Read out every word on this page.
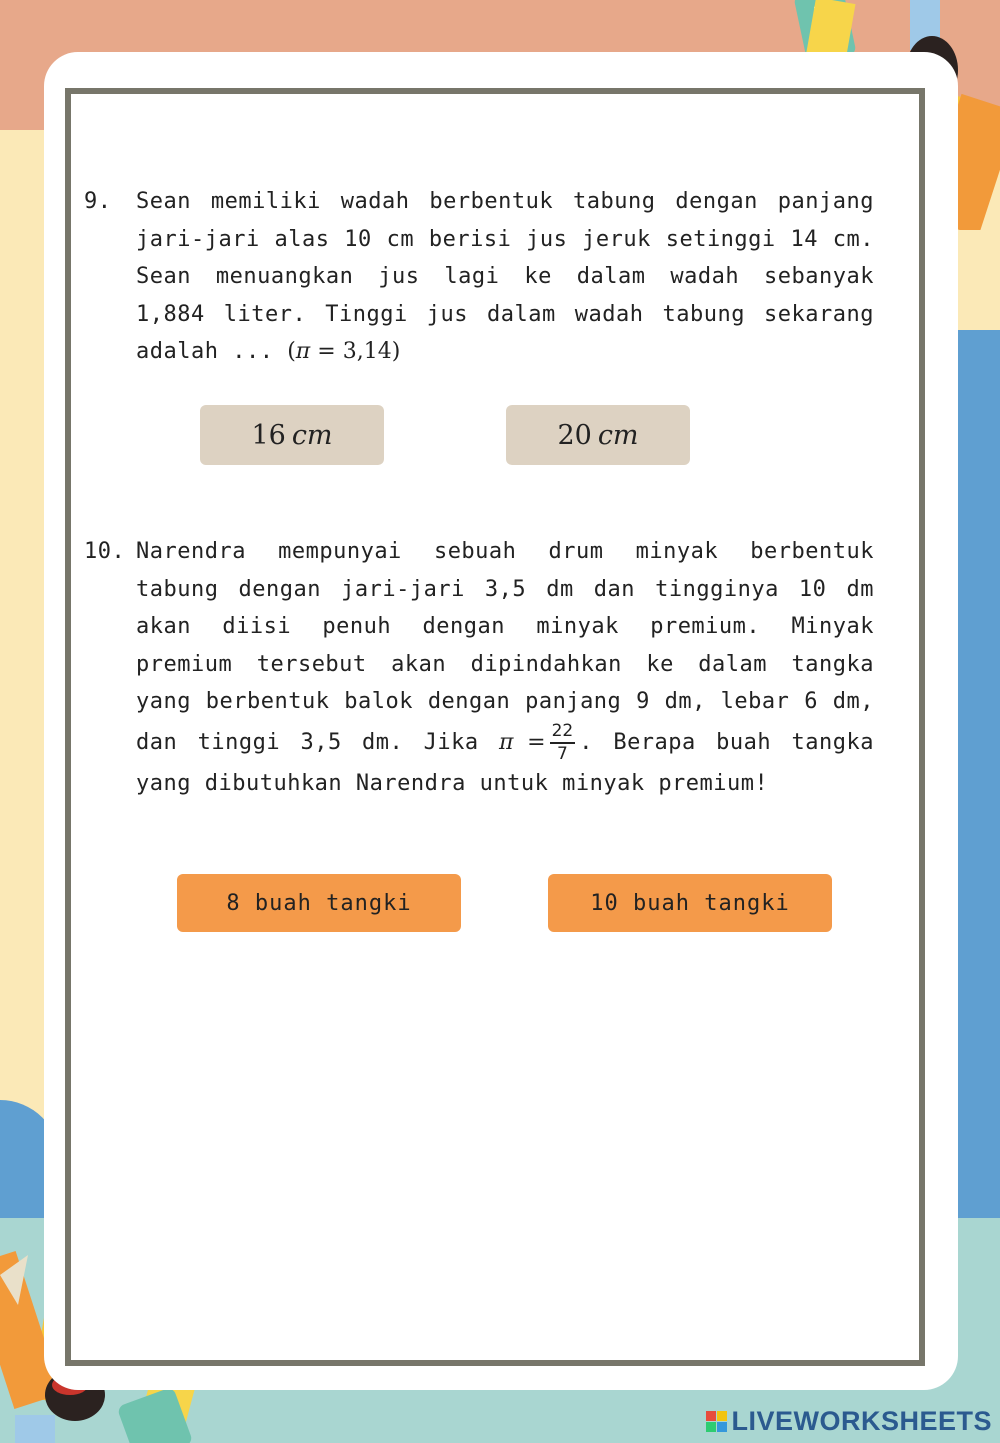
9.	Sean memiliki wadah berbentuk tabung dengan panjang jari-jari alas 10 cm berisi jus jeruk setinggi 14 cm. Sean menuangkan jus lagi ke dalam wadah sebanyak 1,884 liter. Tinggi jus dalam wadah tabung sekarang adalah ... (π = 3,14)
16 cm	20 cm
10. Narendra mempunyai sebuah drum minyak berbentuk tabung dengan jari-jari 3,5 dm dan tingginya 10 dm akan diisi penuh dengan minyak premium. Minyak premium tersebut akan dipindahkan ke dalam tangka yang berbentuk balok dengan panjang 9 dm, lebar 6 dm, dan tinggi 3,5 dm. Jika $\pi = \frac{22}{7}$ . Berapa buah tangka yang dibutuhkan Narendra untuk minyak premium!
8 buah tangki	10 buah tangki
LIVEWORKSHEETS
